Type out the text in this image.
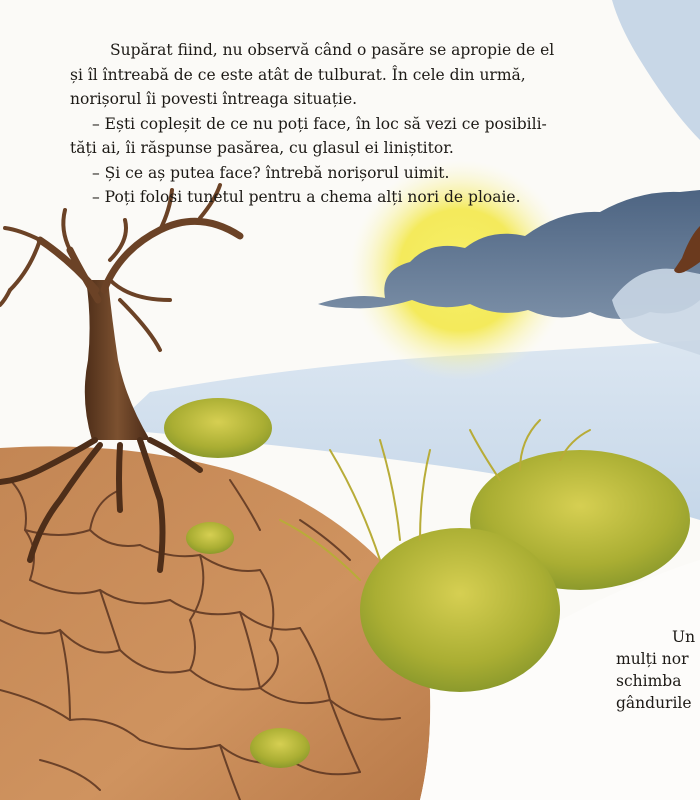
Supărat fiind, nu observă când o pasăre se apropie de el și îl întreabă de ce este atât de tulburat. În cele din urmă, norișorul îi povesti întreaga situație.

– Ești copleșit de ce nu poți face, în loc să vezi ce posibili-

tăți ai, îi răspunse pasărea, cu glasul ei liniștitor.

– Și ce aș putea face? întrebă norișorul uimit.

– Poți folosi tunetul pentru a chema alți nori de ploaie.

Un

mulți nor

schimba

gândurile
